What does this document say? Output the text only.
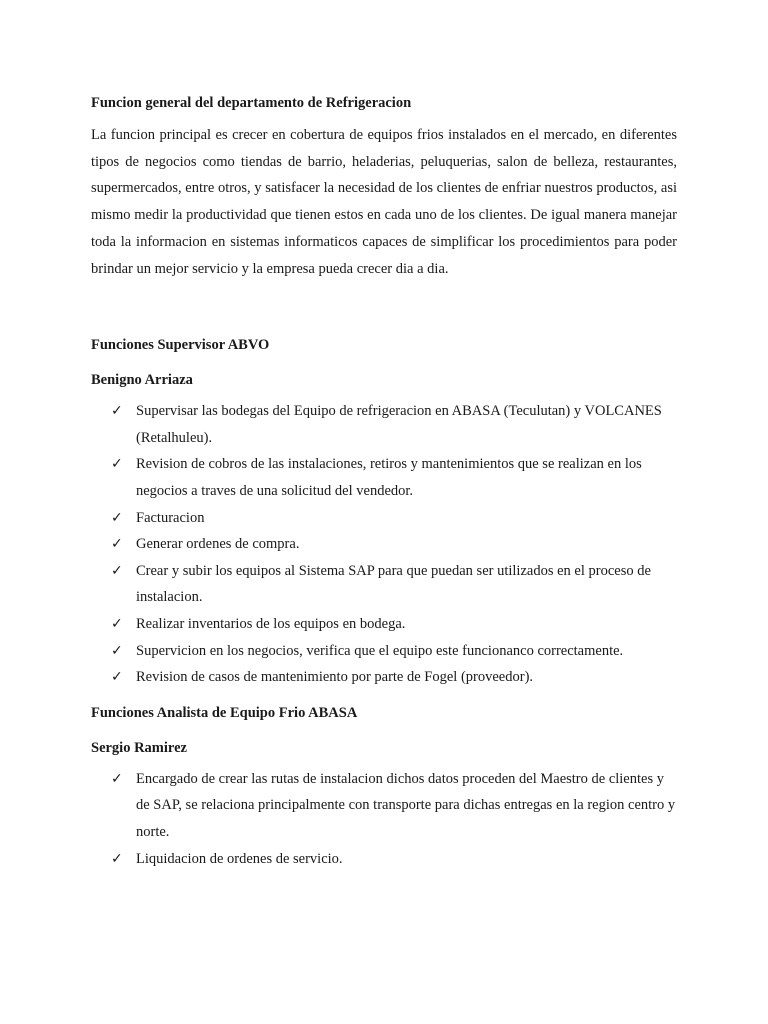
Funcion general del departamento de Refrigeracion

La funcion principal es crecer en cobertura de equipos frios instalados en el mercado, en diferentes tipos de negocios como tiendas de barrio, heladerias, peluquerias, salon de belleza, restaurantes, supermercados, entre otros, y satisfacer la necesidad de los clientes de enfriar nuestros productos, asi mismo medir la productividad que tienen estos en cada uno de los clientes. De igual manera manejar toda la informacion en sistemas informaticos capaces de simplificar los procedimientos para poder brindar un mejor servicio y la empresa pueda crecer dia a dia.

Funciones Supervisor ABVO

Benigno Arriaza

✓ Supervisar las bodegas del Equipo de refrigeracion en ABASA (Teculutan) y VOLCANES (Retalhuleu).
✓ Revision de cobros de las instalaciones, retiros y mantenimientos que se realizan en los negocios a traves de una solicitud del vendedor.
✓ Facturacion
✓ Generar ordenes de compra.
✓ Crear y subir los equipos al Sistema SAP para que puedan ser utilizados en el proceso de instalacion.
✓ Realizar inventarios de los equipos en bodega.
✓ Supervicion en los negocios, verifica que el equipo este funcionanco correctamente.
✓ Revision de casos de mantenimiento por parte de Fogel (proveedor).

Funciones Analista de Equipo Frio ABASA

Sergio Ramirez

✓ Encargado de crear las rutas de instalacion dichos datos proceden del Maestro de clientes y de SAP, se relaciona principalmente con transporte para dichas entregas en la region centro y norte.
✓ Liquidacion de ordenes de servicio.
